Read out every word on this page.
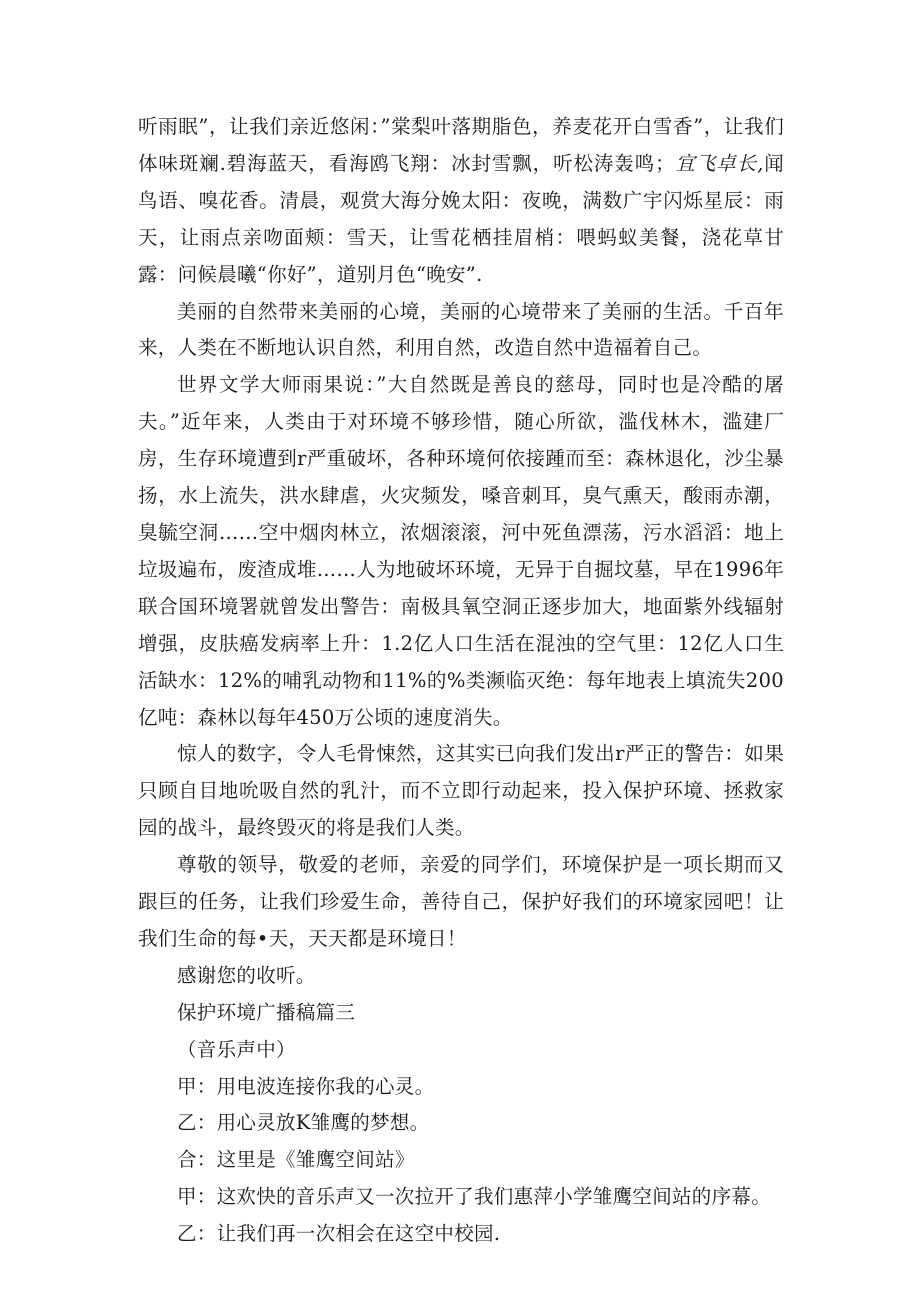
听雨眠”，让我们亲近悠闲：”棠梨叶落期脂色，养麦花开白雪香”，让我们体味斑斓.碧海蓝天，看海鸥飞翔：冰封雪飘，听松涛轰鸣；宜飞卓长,闻鸟语、嗅花香。清晨，观赏大海分娩太阳：夜晚，满数广宇闪烁星辰：雨天，让雨点亲吻面颊：雪天，让雪花栖挂眉梢：喂蚂蚁美餐，浇花草甘露：问候晨曦“你好”，道别月色“晚安”.

美丽的自然带来美丽的心境，美丽的心境带来了美丽的生活。千百年来，人类在不断地认识自然，利用自然，改造自然中造福着自己。

世界文学大师雨果说：”大自然既是善良的慈母，同时也是冷酷的屠夫。”近年来，人类由于对环境不够珍惜，随心所欲，滥伐林木，滥建厂房，生存环境遭到r严重破坏，各种环境何依接踵而至：森林退化，沙尘暴扬，水上流失，洪水肆虐，火灾频发，嗓音刺耳，臭气熏天，酸雨赤潮，臭毓空洞……空中烟肉林立，浓烟滚滚，河中死鱼漂荡，污水滔滔：地上垃圾遍布，废渣成堆……人为地破坏环境，无异于自掘坟墓，早在1996年联合国环境署就曾发出警告：南极具氧空洞正逐步加大，地面紫外线辐射增强，皮肤癌发病率上升：1.2亿人口生活在混浊的空气里：12亿人口生活缺水：12%的哺乳动物和11%的%类濒临灭绝：每年地表上填流失200亿吨：森林以每年450万公顷的速度消失。

惊人的数字，令人毛骨悚然，这其实已向我们发出r严正的警告：如果只顾自目地吮吸自然的乳汁，而不立即行动起来，投入保护环境、拯救家园的战斗，最终毁灭的将是我们人类。

尊敬的领导，敬爱的老师，亲爱的同学们，环境保护是一项长期而又跟巨的任务，让我们珍爱生命，善待自己，保护好我们的环境家园吧！让我们生命的每•天，天天都是环境日！

感谢您的收听。

保护环境广播稿篇三

（音乐声中）

甲：用电波连接你我的心灵。

乙：用心灵放K雏鹰的梦想。

合：这里是《雏鹰空间站》

甲：这欢快的音乐声又一次拉开了我们惠萍小学雏鹰空间站的序幕。

乙：让我们再一次相会在这空中校园.
